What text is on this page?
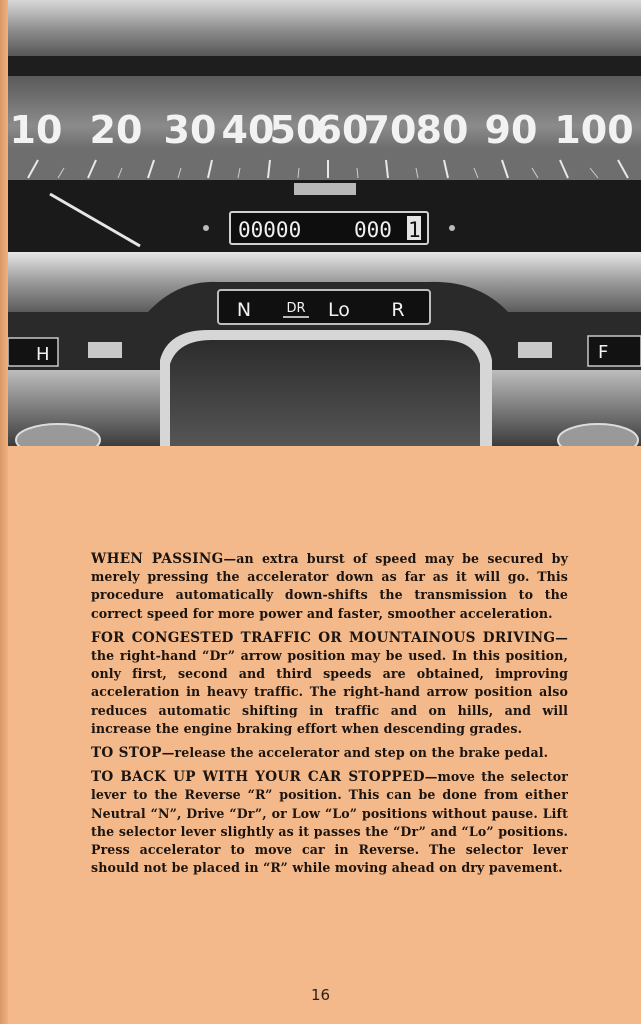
10 20 30 40
50
60
70 80 90 100
00000	000 1
N	DR Lo R
H	F

WHEN PASSING—an extra burst of speed may be secured by merely pressing the accelerator down as far as it will go. This procedure automatically down-shifts the transmission to the correct speed for more power and faster, smoother acceleration.

FOR CONGESTED TRAFFIC OR MOUNTAINOUS DRIVING—the right-hand “Dr” arrow position may be used. In this position, only first, second and third speeds are obtained, improving acceleration in heavy traffic. The right-hand arrow position also reduces automatic shifting in traffic and on hills, and will increase the engine braking effort when descending grades.

TO STOP—release the accelerator and step on the brake pedal.

TO BACK UP WITH YOUR CAR STOPPED—move the selector lever to the Reverse “R” position. This can be done from either Neutral “N”, Drive “Dr”, or Low “Lo” positions without pause. Lift the selector lever slightly as it passes the “Dr” and “Lo” positions. Press accelerator to move car in Reverse. The selector lever should not be placed in “R” while moving ahead on dry pavement.

16
